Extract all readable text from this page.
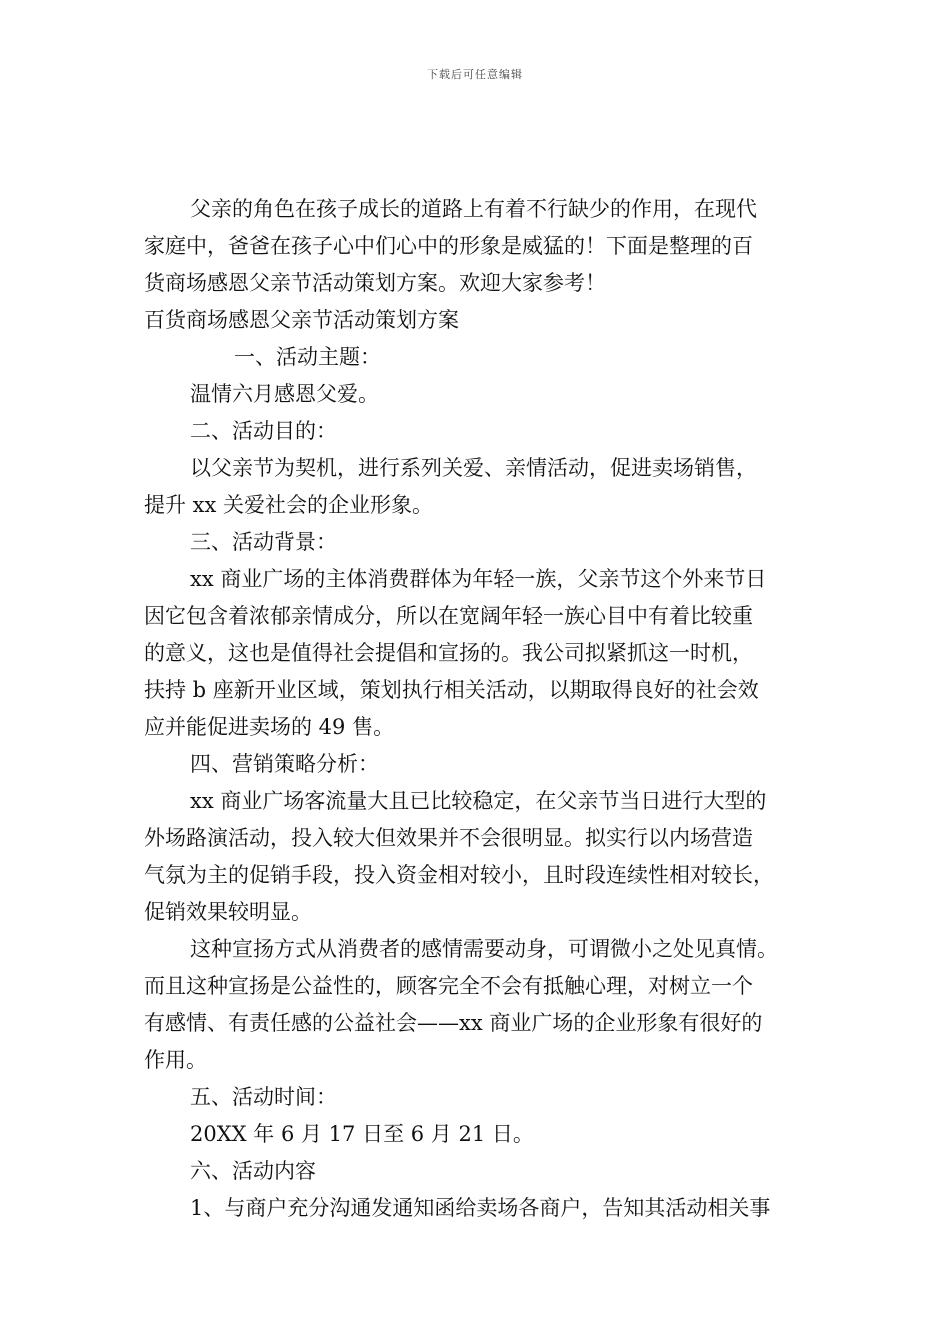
下载后可任意编辑
父亲的角色在孩子成长的道路上有着不行缺少的作用，在现代
家庭中，爸爸在孩子心中们心中的形象是威猛的！下面是整理的百
货商场感恩父亲节活动策划方案。欢迎大家参考！
百货商场感恩父亲节活动策划方案
一、活动主题：
温情六月感恩父爱。
二、活动目的：
以父亲节为契机，进行系列关爱、亲情活动，促进卖场销售，
提升 xx 关爱社会的企业形象。
三、活动背景：
xx 商业广场的主体消费群体为年轻一族，父亲节这个外来节日
因它包含着浓郁亲情成分，所以在宽阔年轻一族心目中有着比较重
的意义，这也是值得社会提倡和宣扬的。我公司拟紧抓这一时机，
扶持 b 座新开业区域，策划执行相关活动，以期取得良好的社会效
应并能促进卖场的 49 售。
四、营销策略分析：
xx 商业广场客流量大且已比较稳定，在父亲节当日进行大型的
外场路演活动，投入较大但效果并不会很明显。拟实行以内场营造
气氛为主的促销手段，投入资金相对较小，且时段连续性相对较长，
促销效果较明显。
这种宣扬方式从消费者的感情需要动身，可谓微小之处见真情。
而且这种宣扬是公益性的，顾客完全不会有抵触心理，对树立一个
有感情、有责任感的公益社会——xx 商业广场的企业形象有很好的
作用。
五、活动时间：
20XX 年 6 月 17 日至 6 月 21 日。
六、活动内容
1、与商户充分沟通发通知函给卖场各商户，告知其活动相关事
